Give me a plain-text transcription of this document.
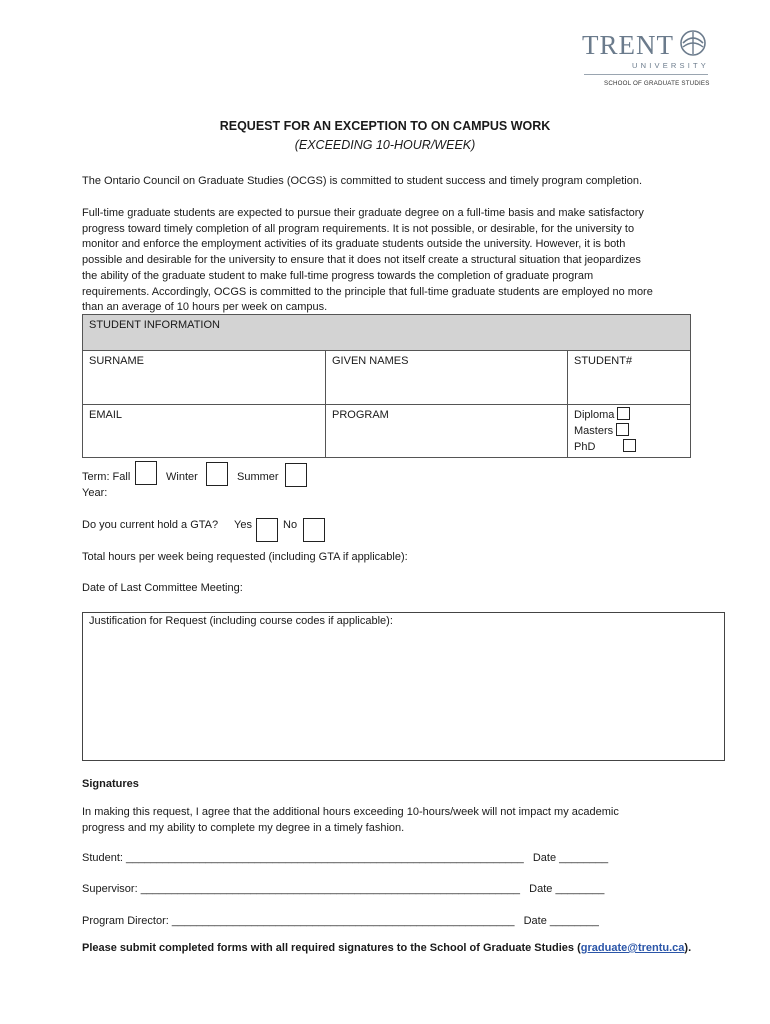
TRENT
UNIVERSITY
SCHOOL OF GRADUATE STUDIES
REQUEST FOR AN EXCEPTION TO ON CAMPUS WORK
(EXCEEDING 10-HOUR/WEEK)
The Ontario Council on Graduate Studies (OCGS) is committed to student success and timely program completion.
Full-time graduate students are expected to pursue their graduate degree on a full-time basis and make satisfactory
progress toward timely completion of all program requirements. It is not possible, or desirable, for the university to
monitor and enforce the employment activities of its graduate students outside the university. However, it is both
possible and desirable for the university to ensure that it does not itself create a structural situation that jeopardizes
the ability of the graduate student to make full-time progress towards the completion of graduate program
requirements. Accordingly, OCGS is committed to the principle that full-time graduate students are employed no more
than an average of 10 hours per week on campus.
STUDENT INFORMATION		
SURNAME	GIVEN NAMES	STUDENT#
EMAIL	PROGRAM	Diploma
Masters
PhD
Term: Fall	Winter	Summer
Year:
Do you current hold a GTA? Yes	No
Total hours per week being requested (including GTA if applicable):
Date of Last Committee Meeting:
Justification for Request (including course codes if applicable):
Signatures
In making this request, I agree that the additional hours exceeding 10-hours/week will not impact my academic
progress and my ability to complete my degree in a timely fashion.
Student: _________________________________________________________________   Date ________
Supervisor: ______________________________________________________________   Date ________
Program Director: ________________________________________________________   Date ________
Please submit completed forms with all required signatures to the School of Graduate Studies (graduate@trentu.ca).
